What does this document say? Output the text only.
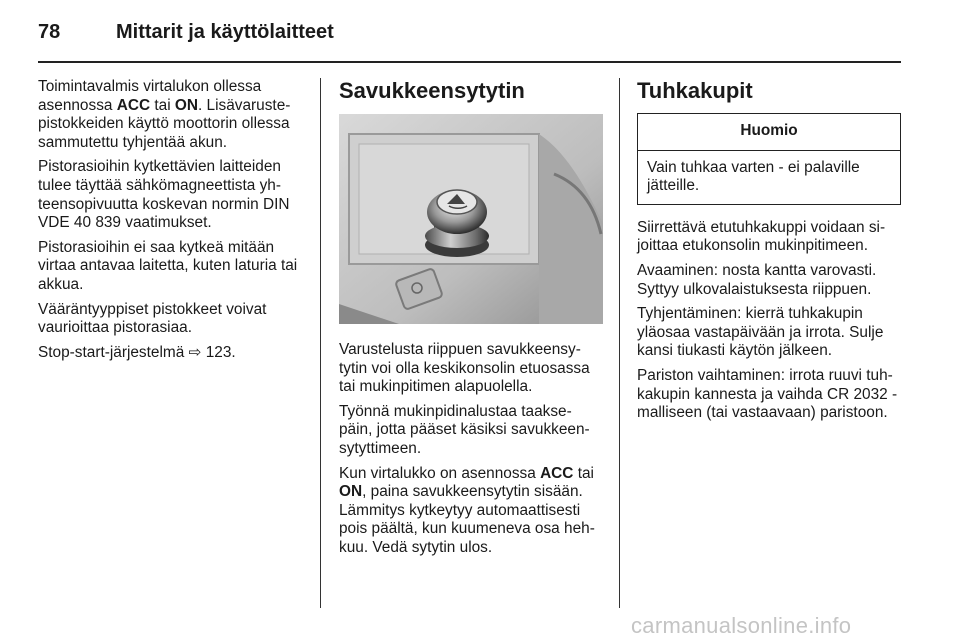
78	Mittarit ja käyttölaitteet

Toimintavalmis virtalukon ollessa asennossa ACC tai ON. Lisävaruste-pistokkeiden käyttö moottorin ollessa sammutettu tyhjentää akun.

Pistorasioihin kytkettävien laitteiden tulee täyttää sähkömagneettista yh-teensopivuutta koskevan normin DIN VDE 40 839 vaatimukset.

Pistorasioihin ei saa kytkeä mitään virtaa antavaa laitetta, kuten laturia tai akkua.

Vääräntyyppiset pistokkeet voivat vaurioittaa pistorasiaa.

Stop-start-järjestelmä ⇨ 123.

Savukkeensytytin

Varustelusta riippuen savukkeensy-tytin voi olla keskikonsolin etuosassa tai mukinpitimen alapuolella.

Työnnä mukinpidinalustaa taakse-päin, jotta pääset käsiksi savukkeen-sytyttimeen.

Kun virtalukko on asennossa ACC tai ON, paina savukkeensytytin sisään. Lämmitys kytkeytyy automaattisesti pois päältä, kun kuumeneva osa heh-kuu. Vedä sytytin ulos.

Tuhkakupit
Huomio
Vain tuhkaa varten - ei palaville jätteille.

Siirrettävä etutuhkakuppi voidaan si-joittaa etukonsolin mukinpitimeen.

Avaaminen: nosta kantta varovasti. Syttyy ulkovalaistuksesta riippuen.

Tyhjentäminen: kierrä tuhkakupin yläosaa vastapäivään ja irrota. Sulje kansi tiukasti käytön jälkeen.

Pariston vaihtaminen: irrota ruuvi tuh-kakupin kannesta ja vaihda CR 2032 -malliseen (tai vastaavaan) paristoon.

carmanualsonline.info
